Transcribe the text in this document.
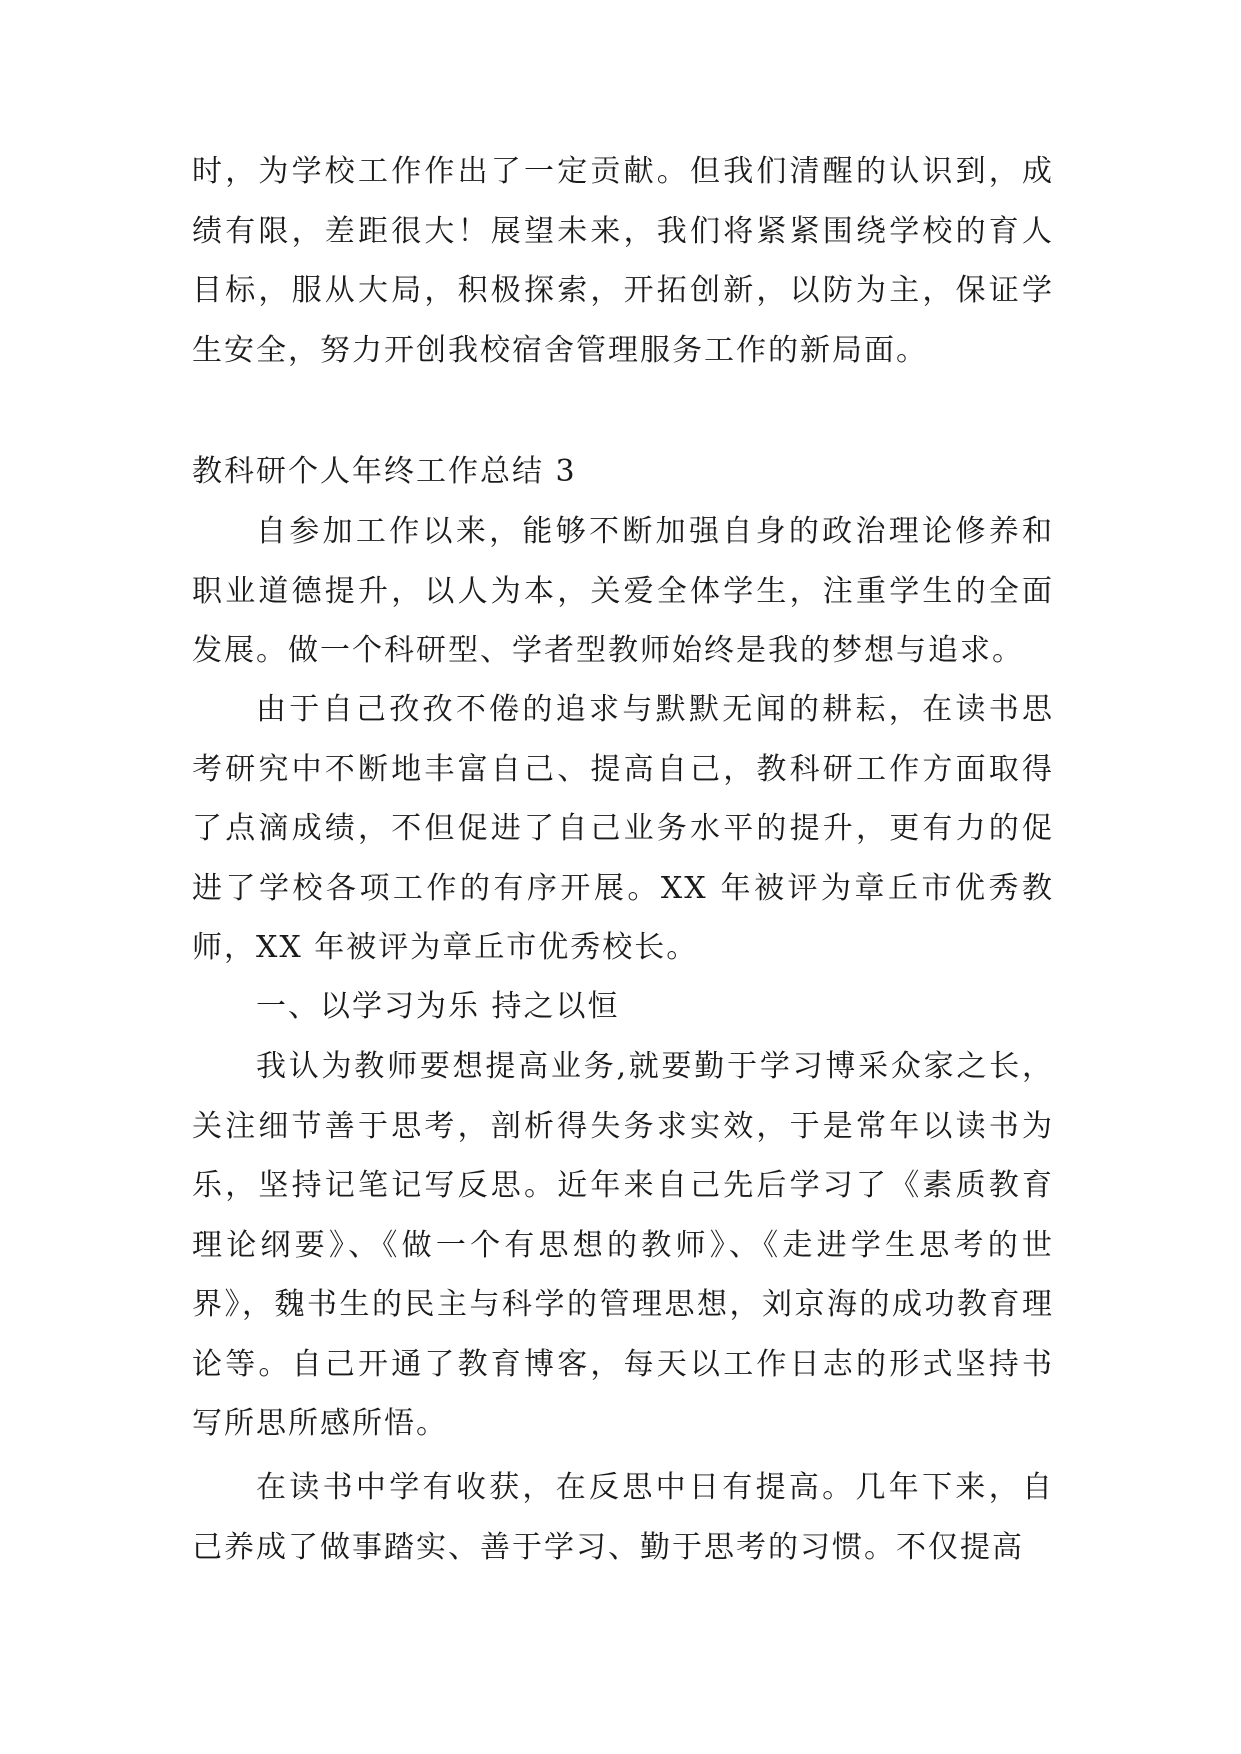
时，为学校工作作出了一定贡献。但我们清醒的认识到，成绩有限，差距很大！展望未来，我们将紧紧围绕学校的育人目标，服从大局，积极探索，开拓创新，以防为主，保证学生安全，努力开创我校宿舍管理服务工作的新局面。

教科研个人年终工作总结 3

自参加工作以来，能够不断加强自身的政治理论修养和职业道德提升，以人为本，关爱全体学生，注重学生的全面发展。做一个科研型、学者型教师始终是我的梦想与追求。

由于自己孜孜不倦的追求与默默无闻的耕耘，在读书思考研究中不断地丰富自己、提高自己，教科研工作方面取得了点滴成绩，不但促进了自己业务水平的提升，更有力的促进了学校各项工作的有序开展。XX 年被评为章丘市优秀教师，XX 年被评为章丘市优秀校长。

一、以学习为乐 持之以恒

我认为教师要想提高业务,就要勤于学习博采众家之长，关注细节善于思考，剖析得失务求实效，于是常年以读书为乐，坚持记笔记写反思。近年来自己先后学习了《素质教育理论纲要》、《做一个有思想的教师》、《走进学生思考的世界》，魏书生的民主与科学的管理思想，刘京海的成功教育理论等。自己开通了教育博客，每天以工作日志的形式坚持书写所思所感所悟。

在读书中学有收获，在反思中日有提高。几年下来，自己养成了做事踏实、善于学习、勤于思考的习惯。不仅提高
